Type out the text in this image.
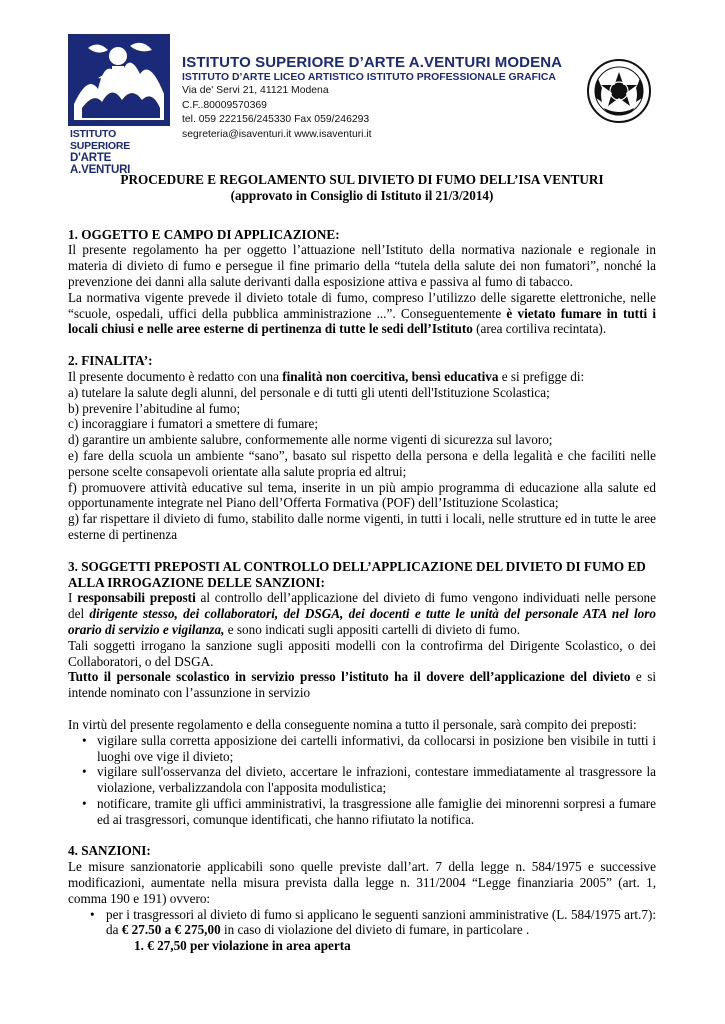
ISTITUTO SUPERIORE
D'ARTE A.VENTURI
ISTITUTO SUPERIORE D’ARTE A.VENTURI MODENA
ISTITUTO D’ARTE LICEO ARTISTICO ISTITUTO PROFESSIONALE GRAFICA
Via de' Servi 21, 41121 Modena
C.F..80009570369
tel. 059 222156/245330 Fax 059/246293
segreteria@isaventuri.it www.isaventuri.it
PROCEDURE E REGOLAMENTO SUL DIVIETO DI FUMO DELL’ISA VENTURI
(approvato in Consiglio di Istituto il 21/3/2014)
1. OGGETTO E CAMPO DI APPLICAZIONE:

Il presente regolamento ha per oggetto l’attuazione nell’Istituto della normativa nazionale e regionale in materia di divieto di fumo e persegue il fine primario della “tutela della salute dei non fumatori”, nonché la prevenzione dei danni alla salute derivanti dalla esposizione attiva e passiva al fumo di tabacco.

La normativa vigente prevede il divieto totale di fumo, compreso l’utilizzo delle sigarette elettroniche, nelle “scuole, ospedali, uffici della pubblica amministrazione ...”. Conseguentemente è vietato fumare in tutti i locali chiusi e nelle aree esterne di pertinenza di tutte le sedi dell’Istituto (area cortiliva recintata).

2. FINALITA’:

Il presente documento è redatto con una finalità non coercitiva, bensì educativa e si prefigge di:

a) tutelare la salute degli alunni, del personale e di tutti gli utenti dell'Istituzione Scolastica;

b) prevenire l’abitudine al fumo;

c) incoraggiare i fumatori a smettere di fumare;

d) garantire un ambiente salubre, conformemente alle norme vigenti di sicurezza sul lavoro;

e) fare della scuola un ambiente “sano”, basato sul rispetto della persona e della legalità e che faciliti nelle persone scelte consapevoli orientate alla salute propria ed altrui;

f) promuovere attività educative sul tema, inserite in un più ampio programma di educazione alla salute ed opportunamente integrate nel Piano dell’Offerta Formativa (POF) dell’Istituzione Scolastica;

g) far rispettare il divieto di fumo, stabilito dalle norme vigenti, in tutti i locali, nelle strutture ed in tutte le aree esterne di pertinenza

3. SOGGETTI PREPOSTI AL CONTROLLO DELL’APPLICAZIONE DEL DIVIETO DI FUMO ED ALLA IRROGAZIONE DELLE SANZIONI:

I responsabili preposti al controllo dell’applicazione del divieto di fumo vengono individuati nelle persone del dirigente stesso, dei collaboratori, del DSGA, dei docenti e tutte le unità del personale ATA nel loro orario di servizio e vigilanza, e sono indicati sugli appositi cartelli di divieto di fumo.

Tali soggetti irrogano la sanzione sugli appositi modelli con la controfirma del Dirigente Scolastico, o dei Collaboratori, o del DSGA.

Tutto il personale scolastico in servizio presso l’istituto ha il dovere dell’applicazione del divieto e si intende nominato con l’assunzione in servizio

In virtù del presente regolamento e della conseguente nomina a tutto il personale, sarà compito dei preposti:

• vigilare sulla corretta apposizione dei cartelli informativi, da collocarsi in posizione ben visibile in tutti i luoghi ove vige il divieto;
• vigilare sull'osservanza del divieto, accertare le infrazioni, contestare immediatamente al trasgressore la violazione, verbalizzandola con l'apposita modulistica;
• notificare, tramite gli uffici amministrativi, la trasgressione alle famiglie dei minorenni sorpresi a fumare ed ai trasgressori, comunque identificati, che hanno rifiutato la notifica.
4. SANZIONI:

Le misure sanzionatorie applicabili sono quelle previste dall’art. 7 della legge n. 584/1975 e successive modificazioni, aumentate nella misura prevista dalla legge n. 311/2004 “Legge finanziaria 2005” (art. 1, comma 190 e 191) ovvero:

• per i trasgressori al divieto di fumo si applicano le seguenti sanzioni amministrative (L. 584/1975 art.7): da € 27.50 a € 275,00 in caso di violazione del divieto di fumare, in particolare .
1. € 27,50 per violazione in area aperta
